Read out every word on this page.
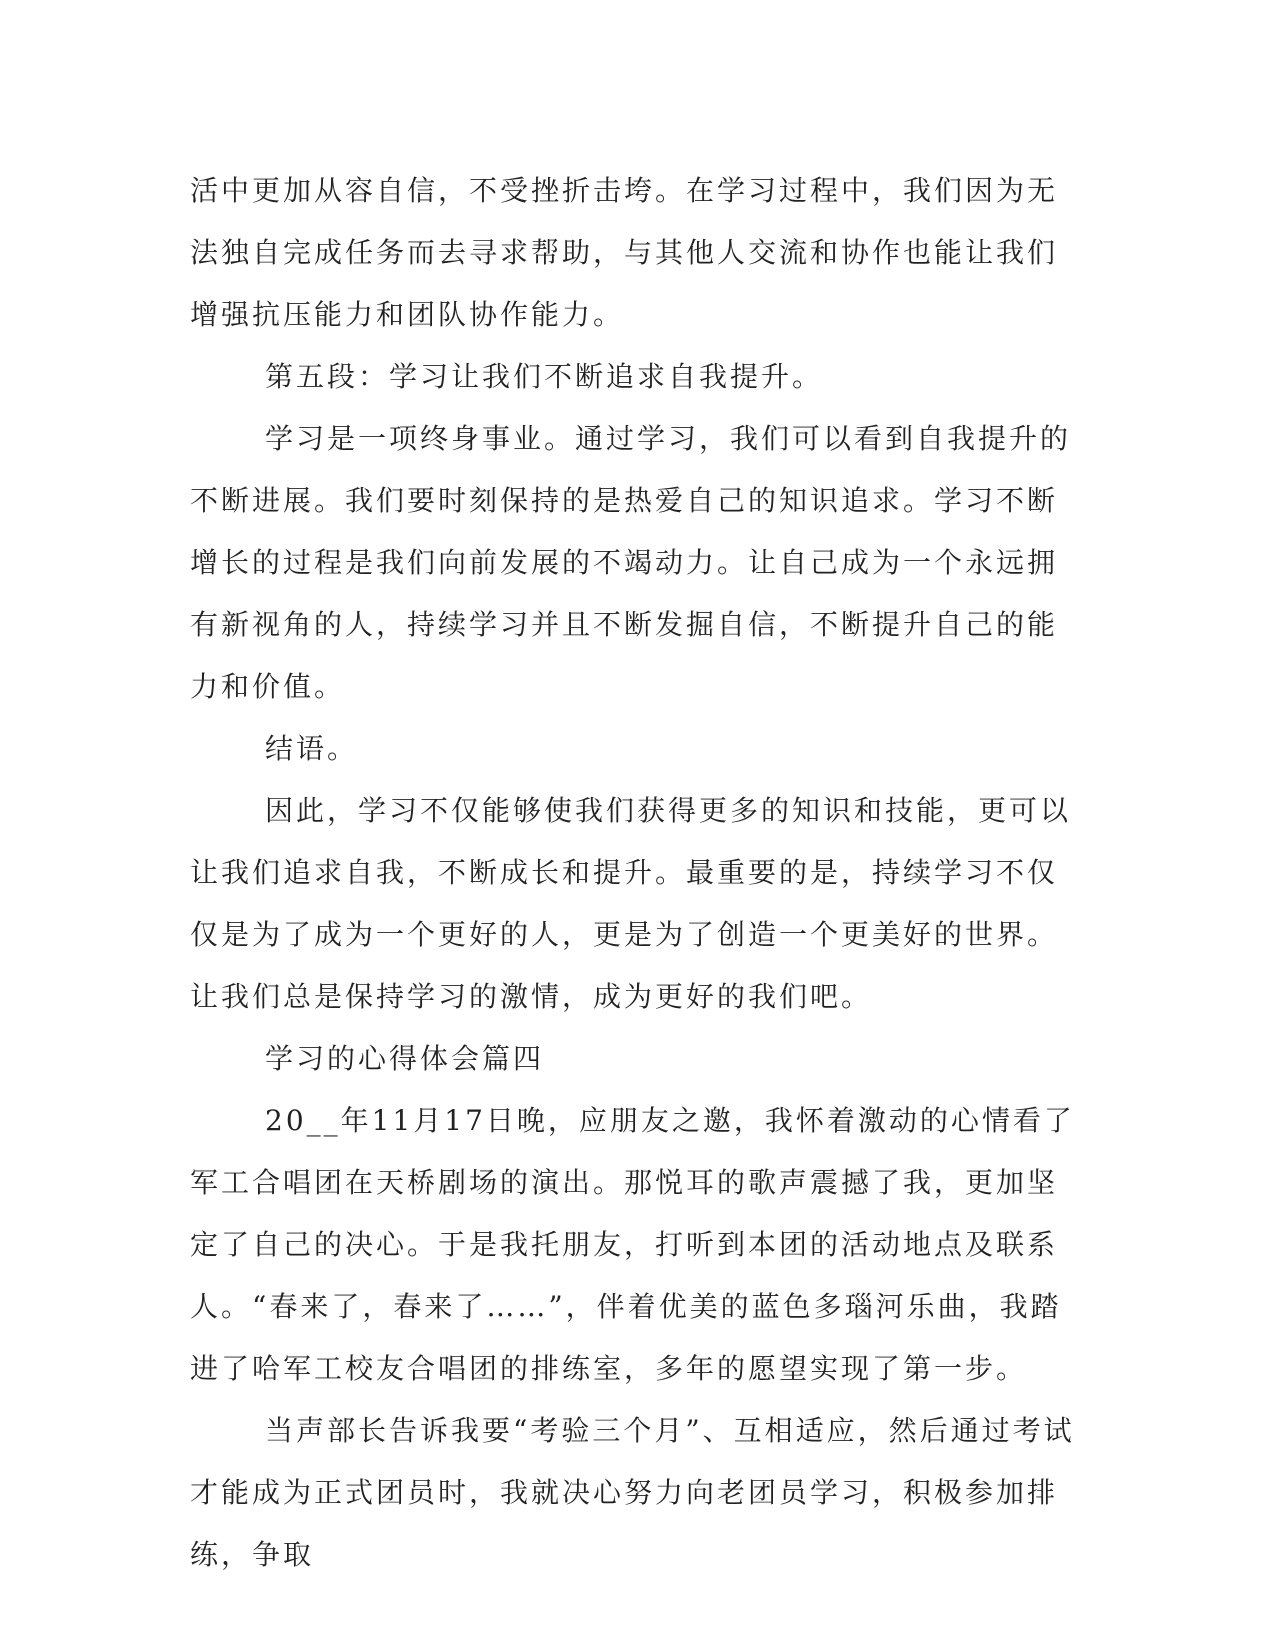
活中更加从容自信，不受挫折击垮。在学习过程中，我们因为无法独自完成任务而去寻求帮助，与其他人交流和协作也能让我们增强抗压能力和团队协作能力。

第五段：学习让我们不断追求自我提升。

学习是一项终身事业。通过学习，我们可以看到自我提升的不断进展。我们要时刻保持的是热爱自己的知识追求。学习不断增长的过程是我们向前发展的不竭动力。让自己成为一个永远拥有新视角的人，持续学习并且不断发掘自信，不断提升自己的能力和价值。

结语。

因此，学习不仅能够使我们获得更多的知识和技能，更可以让我们追求自我，不断成长和提升。最重要的是，持续学习不仅仅是为了成为一个更好的人，更是为了创造一个更美好的世界。让我们总是保持学习的激情，成为更好的我们吧。

学习的心得体会篇四

20__年11月17日晚，应朋友之邀，我怀着激动的心情看了军工合唱团在天桥剧场的演出。那悦耳的歌声震撼了我，更加坚定了自己的决心。于是我托朋友，打听到本团的活动地点及联系人。“春来了，春来了……”，伴着优美的蓝色多瑙河乐曲，我踏进了哈军工校友合唱团的排练室，多年的愿望实现了第一步。

当声部长告诉我要“考验三个月”、互相适应，然后通过考试才能成为正式团员时，我就决心努力向老团员学习，积极参加排练，争取
